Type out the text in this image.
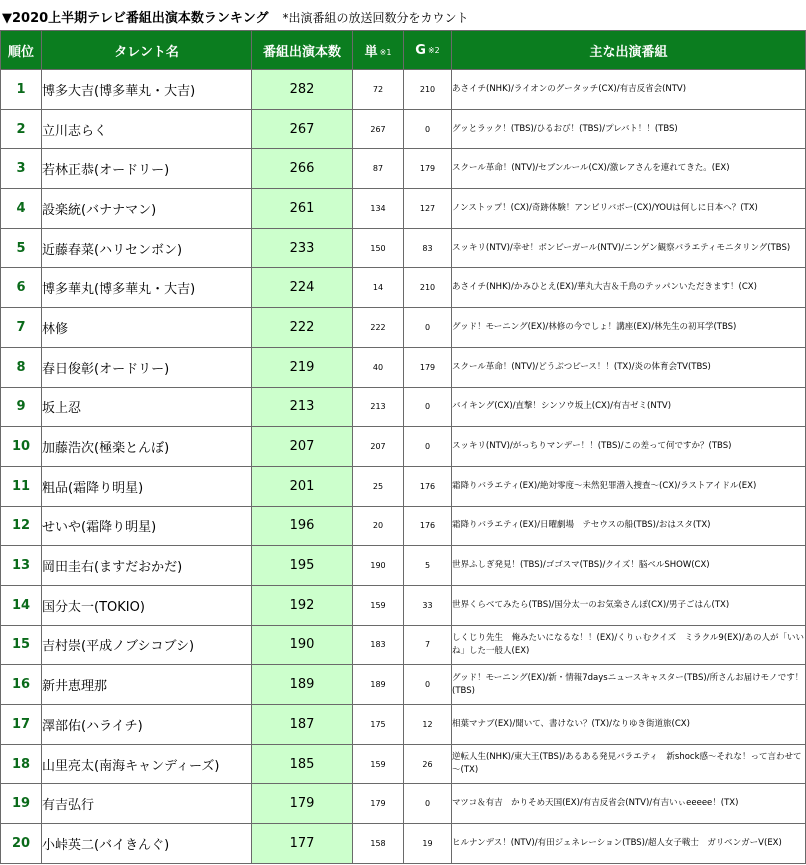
▼2020上半期テレビ番組出演本数ランキング *出演番組の放送回数分をカウント
順位	タレント名	番組出演本数	単 $^{※1}$	G $^{※2}$	主な出演番組
1	博多大吉(博多華丸・大吉)	282	72	210	あさイチ(NHK)/ライオンのグータッチ(CX)/有吉反省会(NTV)
2	立川志らく	267	267	0	グッとラック！(TBS)/ひるおび！(TBS)/プレバト！！(TBS)
3	若林正恭(オードリー)	266	87	179	スクール革命！(NTV)/セブンルール(CX)/激レアさんを連れてきた。(EX)
4	設楽統(バナナマン)	261	134	127	ノンストップ！(CX)/奇跡体験！アンビリバボー(CX)/YOUは何しに日本へ？(TX)
5	近藤春菜(ハリセンボン)	233	150	83	スッキリ(NTV)/幸せ！ボンビーガール(NTV)/ニンゲン観察バラエティモニタリング(TBS)
6	博多華丸(博多華丸・大吉)	224	14	210	あさイチ(NHK)/かみひとえ(EX)/華丸大吉＆千鳥のテッパンいただきます！(CX)
7	林修	222	222	0	グッド！モーニング(EX)/林修の今でしょ！講座(EX)/林先生の初耳学(TBS)
8	春日俊彰(オードリー)	219	40	179	スクール革命！(NTV)/どうぶつピース！！(TX)/炎の体育会TV(TBS)
9	坂上忍	213	213	0	バイキング(CX)/直撃！シンソウ坂上(CX)/有吉ゼミ(NTV)
10	加藤浩次(極楽とんぼ)	207	207	0	スッキリ(NTV)/がっちりマンデー！！(TBS)/この差って何ですか？(TBS)
11	粗品(霜降り明星)	201	25	176	霜降りバラエティ(EX)/絶対零度～未然犯罪潜入捜査～(CX)/ラストアイドル(EX)
12	せいや(霜降り明星)	196	20	176	霜降りバラエティ(EX)/日曜劇場　テセウスの船(TBS)/おはスタ(TX)
13	岡田圭右(ますだおかだ)	195	190	5	世界ふしぎ発見！(TBS)/ゴゴスマ(TBS)/クイズ！脳ベルSHOW(CX)
14	国分太一(TOKIO)	192	159	33	世界くらべてみたら(TBS)/国分太一のお気楽さんぽ(CX)/男子ごはん(TX)
15	吉村崇(平成ノブシコブシ)	190	183	7	しくじり先生　俺みたいになるな！！(EX)/くりぃむクイズ　ミラクル9(EX)/あの人が「いいね」した一般人(EX)
16	新井恵理那	189	189	0	グッド！モーニング(EX)/新・情報7daysニュースキャスター(TBS)/所さんお届けモノです！(TBS)
17	澤部佑(ハライチ)	187	175	12	相葉マナブ(EX)/聞いて、書けない？(TX)/なりゆき街道旅(CX)
18	山里亮太(南海キャンディーズ)	185	159	26	逆転人生(NHK)/東大王(TBS)/あるある発見バラエティ　新shock感～それな！って言わせて～(TX)
19	有吉弘行	179	179	0	マツコ＆有吉　かりそめ天国(EX)/有吉反省会(NTV)/有吉いぃeeeee！(TX)
20	小峠英二(バイきんぐ)	177	158	19	ヒルナンデス！(NTV)/有田ジェネレーション(TBS)/超人女子戦士　ガリベンガーV(EX)
